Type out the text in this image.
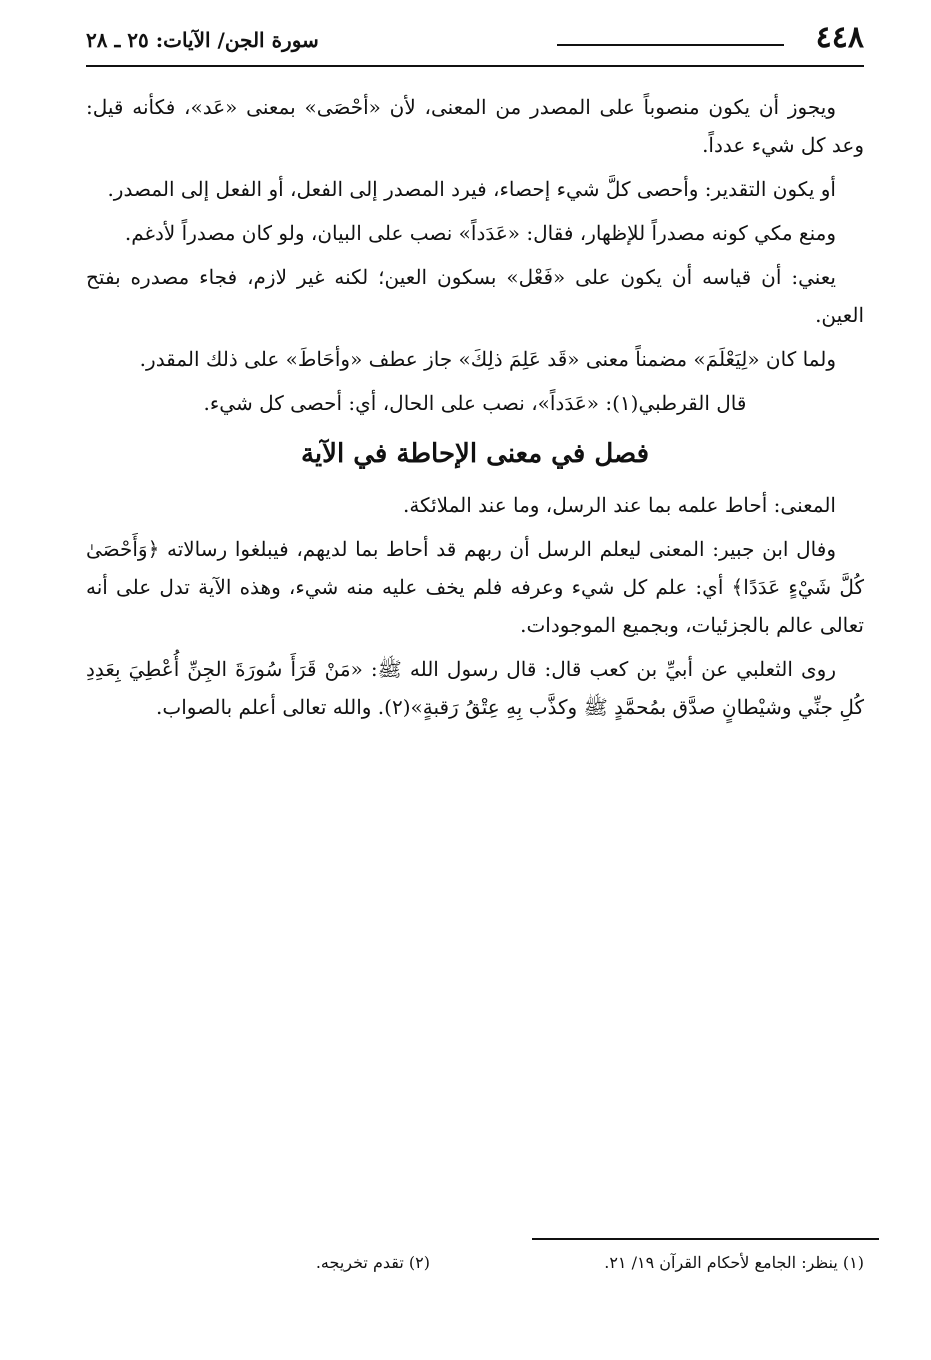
٤٤٨
سورة الجن/ الآيات: ٢٥ ـ ٢٨

ويجوز أن يكون منصوباً على المصدر من المعنى، لأن «أحْصَى» بمعنى «عَد»، فكأنه قيل: وعد كل شيء عدداً.

أو يكون التقدير: وأحصى كلَّ شيء إحصاء، فيرد المصدر إلى الفعل، أو الفعل إلى المصدر.

ومنع مكي كونه مصدراً للإظهار، فقال: «عَدَداً» نصب على البيان، ولو كان مصدراً لأدغم.

يعني: أن قياسه أن يكون على «فَعْل» بسكون العين؛ لكنه غير لازم، فجاء مصدره بفتح العين.

ولما كان «لِيَعْلَمَ» مضمناً معنى «قَد عَلِمَ ذلِكَ» جاز عطف «وأحَاطَ» على ذلك المقدر.

قال القرطبي(١): «عَدَداً»، نصب على الحال، أي: أحصى كل شيء.

فصل في معنى الإحاطة في الآية

المعنى: أحاط علمه بما عند الرسل، وما عند الملائكة.

وفال ابن جبير: المعنى ليعلم الرسل أن ربهم قد أحاط بما لديهم، فيبلغوا رسالاته ﴿وَأَحْصَىٰ كُلَّ شَيْءٍ عَدَدًا﴾ أي: علم كل شيء وعرفه فلم يخف عليه منه شيء، وهذه الآية تدل على أنه تعالى عالم بالجزئيات، وبجميع الموجودات.

روى الثعلبي عن أبيِّ بن كعب قال: قال رسول الله ﷺ: «مَنْ قَرَأَ سُورَةَ الجِنِّ أُعْطِيَ بِعَدِدِ كُلِ جنِّي وشيْطانٍ صدَّق بمُحمَّدٍ ﷺ وكذَّب بِهِ عِتْقُ رَقبةٍ»(٢). والله تعالى أعلم بالصواب.

(١) ينظر: الجامع لأحكام القرآن ١٩/ ٢١.
(٢) تقدم تخريجه.
